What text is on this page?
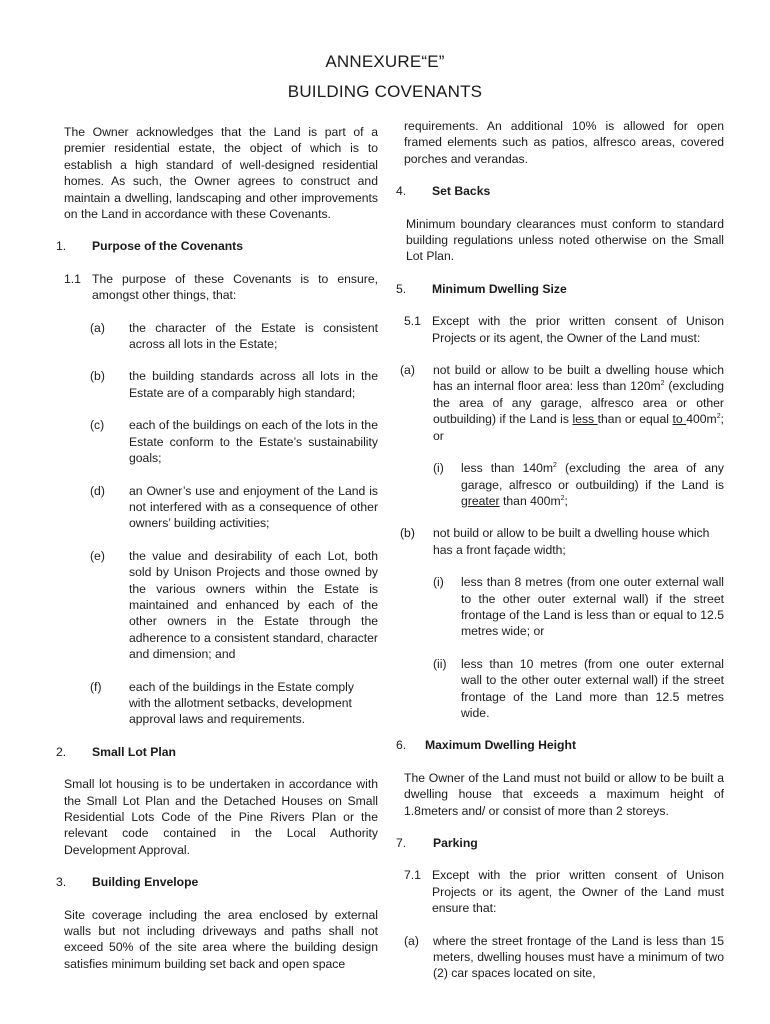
ANNEXURE“E”
BUILDING COVENANTS

The Owner acknowledges that the Land is part of a premier residential estate, the object of which is to establish a high standard of well-designed residential homes. As such, the Owner agrees to construct and maintain a dwelling, landscaping and other improvements on the Land in accordance with these Covenants.

1.	Purpose of the Covenants
1.1 The purpose of these Covenants is to ensure, amongst other things, that:
(a)	the character of the Estate is consistent across all lots in the Estate;
(b)	the building standards across all lots in the Estate are of a comparably high standard;
(c)	each of the buildings on each of the lots in the Estate conform to the Estate’s sustainability goals;
(d)	an Owner’s use and enjoyment of the Land is not interfered with as a consequence of other owners’ building activities;
(e)	the value and desirability of each Lot, both sold by Unison Projects and those owned by the various owners within the Estate is maintained and enhanced by each of the other owners in the Estate through the adherence to a consistent standard, character and dimension; and
(f)	each of the buildings in the Estate comply with the allotment setbacks, development approval laws and requirements.
2.	Small Lot Plan

Small lot housing is to be undertaken in accordance with the Small Lot Plan and the Detached Houses on Small Residential Lots Code of the Pine Rivers Plan or the relevant code contained in the Local Authority Development Approval.

3.	Building Envelope

Site coverage including the area enclosed by external walls but not including driveways and paths shall not exceed 50% of the site area where the building design satisfies minimum building set back and open space

requirements. An additional 10% is allowed for open framed elements such as patios, alfresco areas, covered porches and verandas.

4.	Set Backs

Minimum boundary clearances must conform to standard building regulations unless noted otherwise on the Small Lot Plan.

5.	Minimum Dwelling Size
5.1 Except with the prior written consent of Unison Projects or its agent, the Owner of the Land must:
(a)	not build or allow to be built a dwelling house which has an internal floor area: less than $120m^2$ (excluding the area of any garage, alfresco area or other outbuilding) if the Land is less than or equal to $400m^2$; or
(i)	less than $140m^2$ (excluding the area of any garage, alfresco or outbuilding) if the Land is greater than $400m^2$;
(b)	not build or allow to be built a dwelling house which has a front façade width;
(i)	less than 8 metres (from one outer external wall to the other outer external wall) if the street frontage of the Land is less than or equal to 12.5 metres wide; or
(ii)	less than 10 metres (from one outer external wall to the other outer external wall) if the street frontage of the Land more than 12.5 metres wide.
6.	Maximum Dwelling Height

The Owner of the Land must not build or allow to be built a dwelling house that exceeds a maximum height of 1.8meters and/ or consist of more than 2 storeys.

7.	Parking
7.1 Except with the prior written consent of Unison Projects or its agent, the Owner of the Land must ensure that:
(a)	where the street frontage of the Land is less than 15 meters, dwelling houses must have a minimum of two (2) car spaces located on site,
